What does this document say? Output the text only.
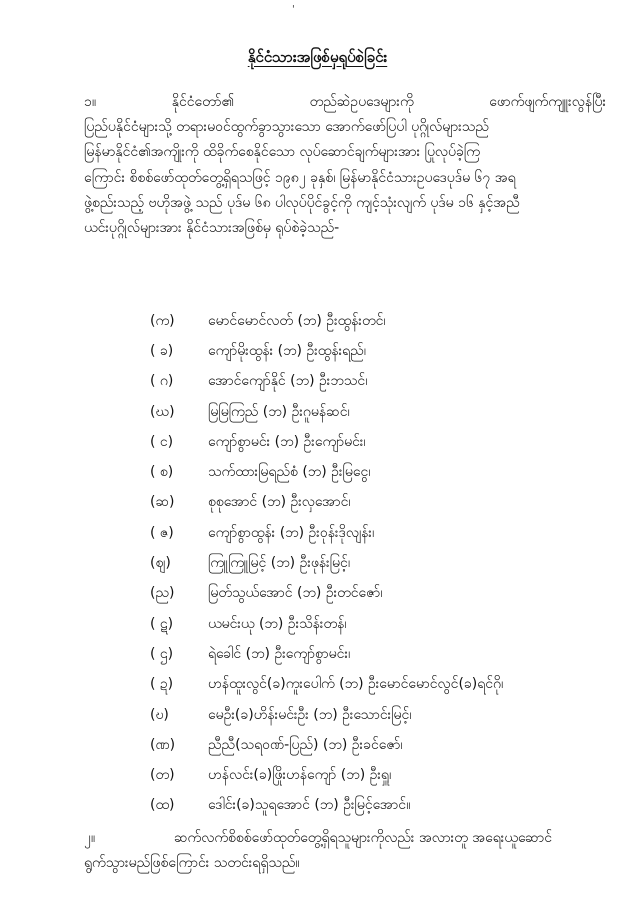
'
နိုင်ငံသားအဖြစ်မှရုပ်စဲခြင်း
၁။	နိုင်ငံတော်၏	တည်ဆဲဥပဒေများကို	ဖောက်ဖျက်ကျူးလွန်ပြီး
ပြည်ပနိုင်ငံများသို့ တရားမဝင်ထွက်ခွာသွားသော အောက်ဖော်ပြပါ ပုဂ္ဂိုလ်များသည်
မြန်မာနိုင်ငံ၏အကျိုးကို ထိခိုက်စေနိုင်သော လုပ်ဆောင်ချက်များအား ပြုလုပ်ခဲ့ကြ
ကြောင်း စိစစ်ဖော်ထုတ်တွေ့ရှိရသဖြင့် ၁၉၈၂ ခုနှစ်၊ မြန်မာနိုင်ငံသားဥပဒေပုဒ်မ ၆၇ အရ
ဖွဲ့စည်းသည့် ဗဟိုအဖွဲ့ သည် ပုဒ်မ ၆၈ ပါလုပ်ပိုင်ခွင့်ကို ကျင့်သုံးလျက် ပုဒ်မ ၁၆ နှင့်အညီ
ယင်းပုဂ္ဂိုလ်များအား နိုင်ငံသားအဖြစ်မှ ရုပ်စဲခဲ့သည်-
(က)	မောင်မောင်လတ် (ဘ) ဦးထွန်းတင်၊
( ခ)	ကျော်မိုးထွန်း (ဘ) ဦးထွန်းရည်၊
( ဂ)	အောင်ကျော်နိုင် (ဘ) ဦးဘသင်၊
(ဃ)	မြမြကြည် (ဘ) ဦးဂူမန်ဆင်၊
( င)	ကျော်စွာမင်း (ဘ) ဦးကျော်မင်း၊
( စ)	သက်ထားမြရည်စံ (ဘ) ဦးမြငွေ၊
(ဆ)	စုစုအောင် (ဘ) ဦးလှအောင်၊
( ဇ)	ကျော်စွာထွန်း (ဘ) ဦးဝုန်းဒိုလျန်း၊
(ဈ)	ကြူကြူမြင့် (ဘ) ဦးဖုန်းမြင့်၊
(ည)	မြတ်သွယ်အောင် (ဘ) ဦးတင်ဇော်၊
( ဋ)	ယမင်းယု (ဘ) ဦးသိန်းတန်၊
( ဌ)	ရဲခေါင် (ဘ) ဦးကျော်စွာမင်း၊
( ဍ)	ဟန်ထူးလွင်(ခ)ကူးပေါက် (ဘ) ဦးမောင်မောင်လွင်(ခ)ရင်ဂို၊
(ဎ)	မေဦး(ခ)ဟိန်းမင်းဦး (ဘ) ဦးသောင်းမြင့်၊
(ဏ)	ညီညီ(သရဝဏ်-ပြည်) (ဘ) ဦးခင်ဇော်၊
(တ)	ဟန်လင်း(ခ)ဖြိုးဟန်ကျော် (ဘ) ဦးရှူ၊
(ထ)	ဒေါင်း(ခ)သူရအောင် (ဘ) ဦးမြင့်အောင်။
၂။	ဆက်လက်စိစစ်ဖော်ထုတ်တွေ့ရှိရသူများကိုလည်း အလားတူ အရေးယူဆောင်
ရွက်သွားမည်ဖြစ်ကြောင်း သတင်းရရှိသည်။
